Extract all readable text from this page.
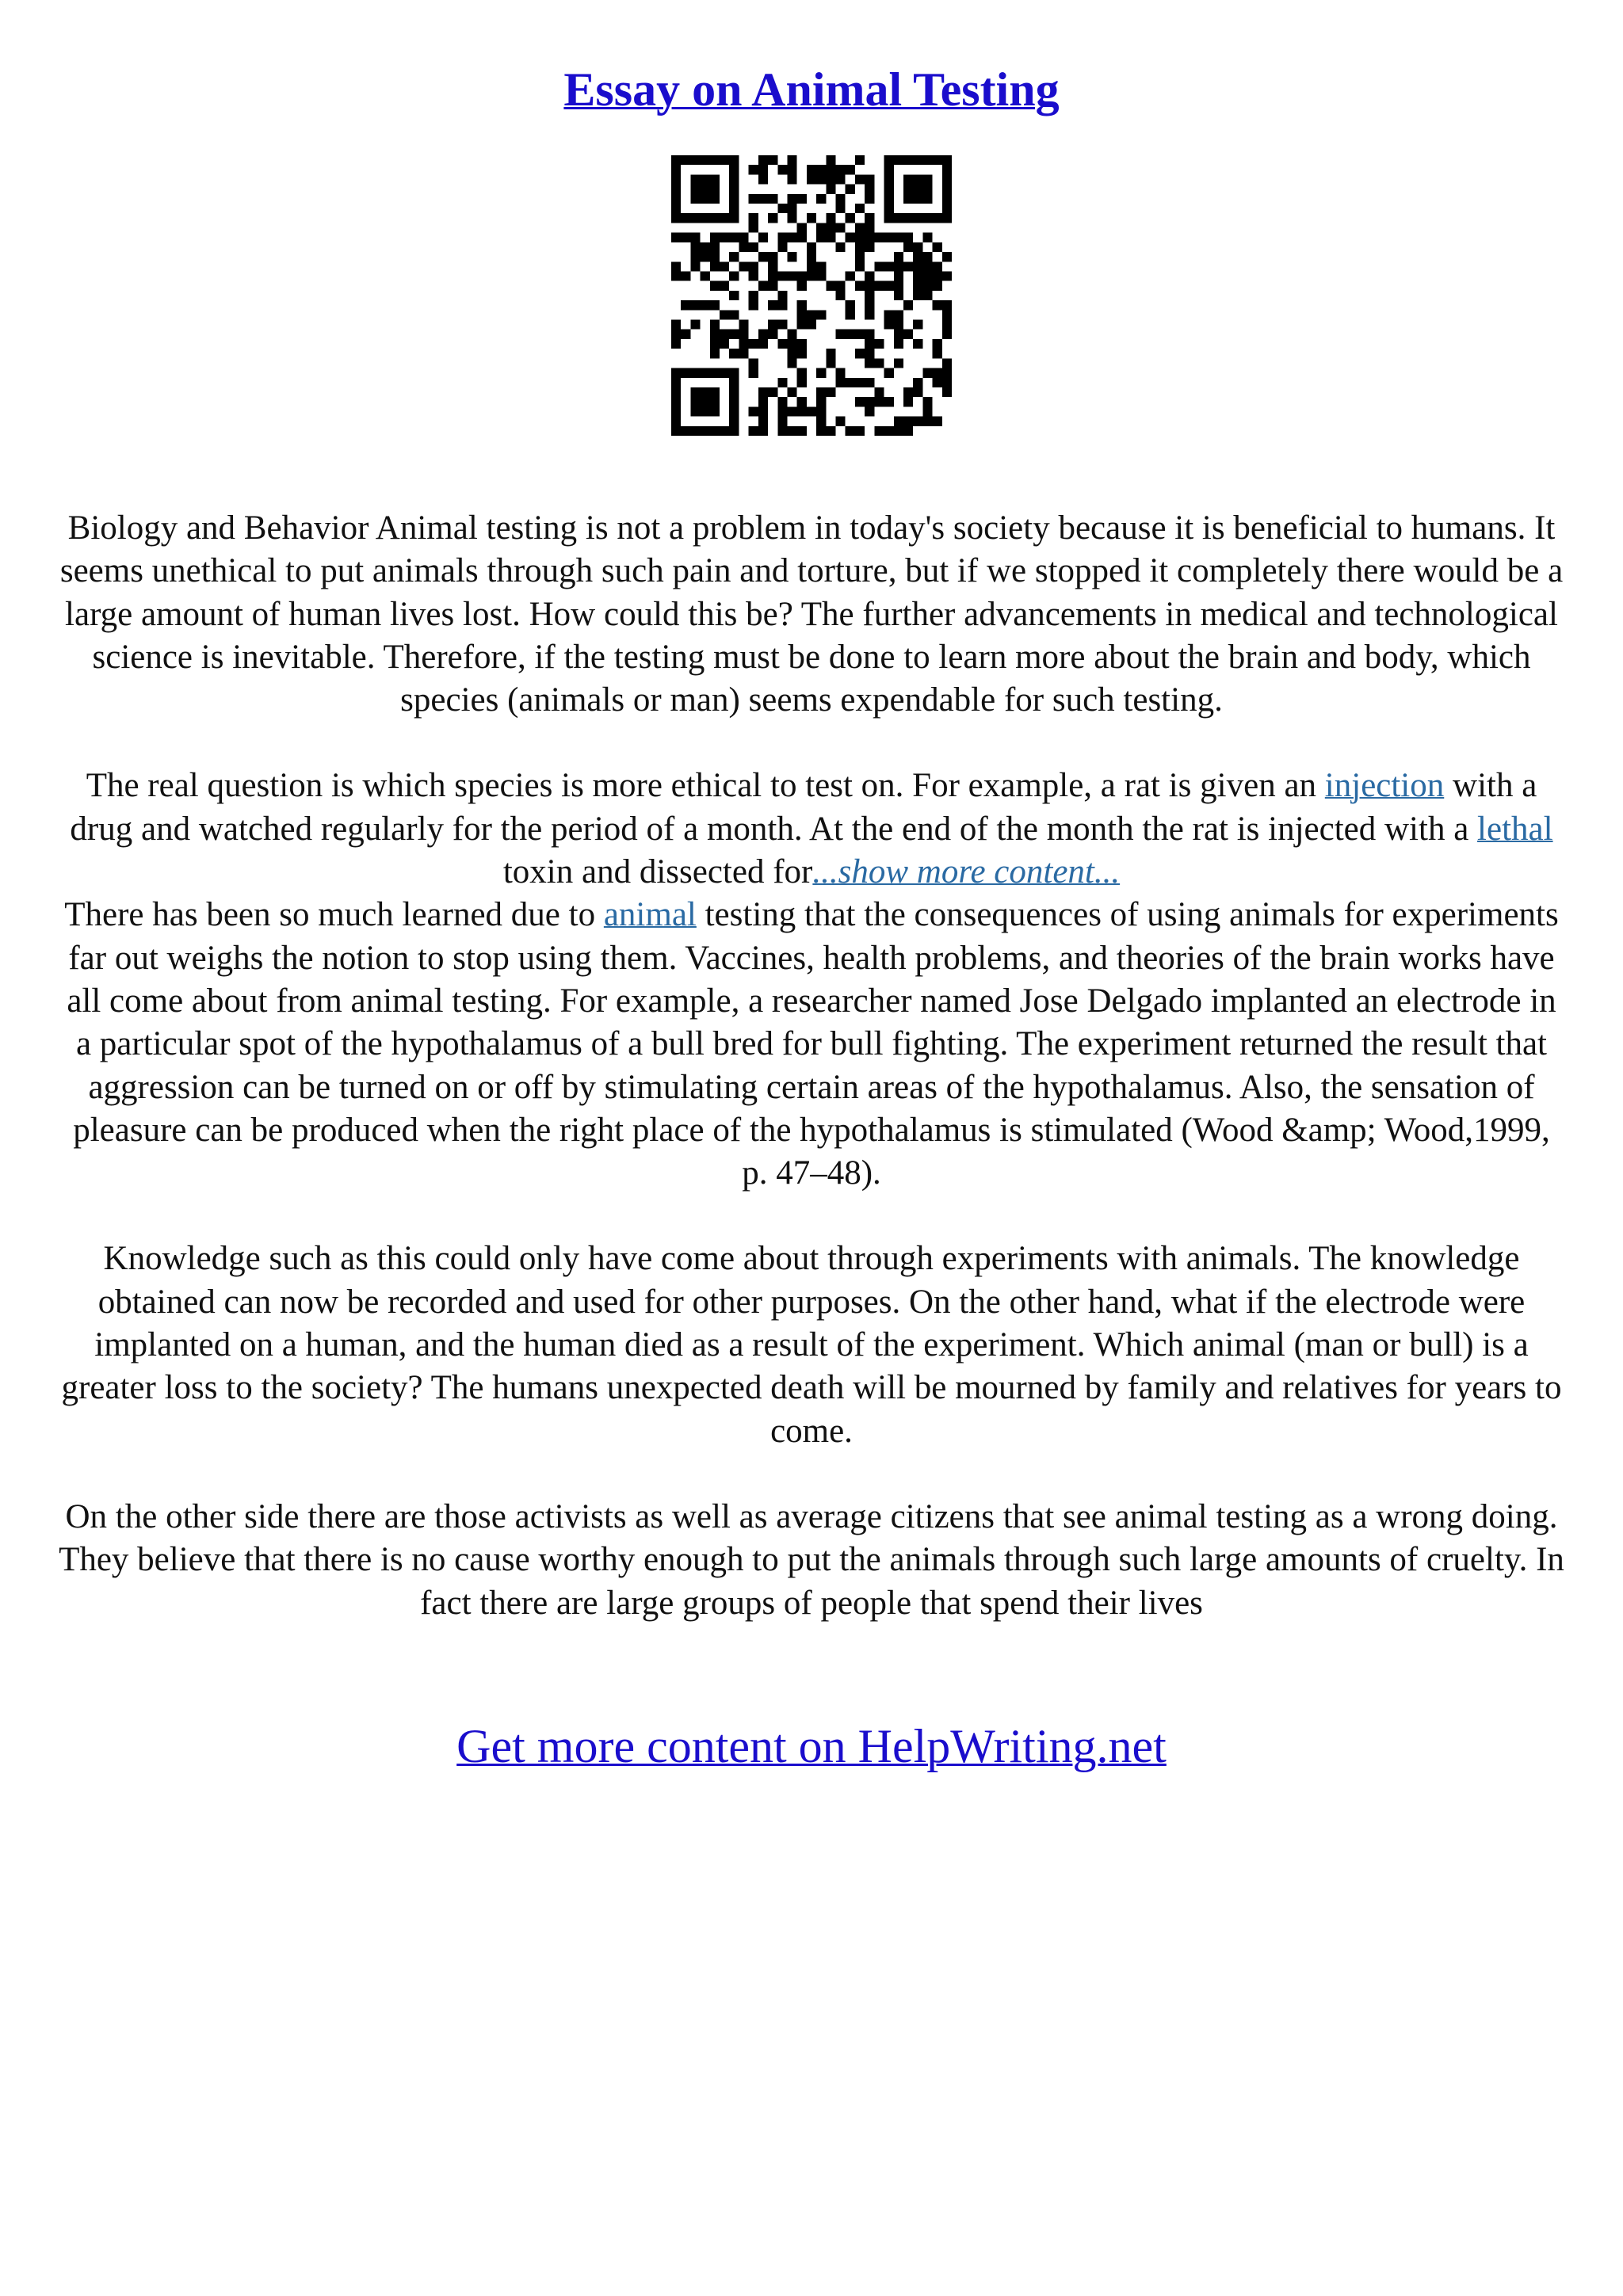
Essay on Animal Testing

Biology and Behavior Animal testing is not a problem in today's society because it is beneficial to humans. It seems unethical to put animals through such pain and torture, but if we stopped it completely there would be a large amount of human lives lost. How could this be? The further advancements in medical and technological science is inevitable. Therefore, if the testing must be done to learn more about the brain and body, which species (animals or man) seems expendable for such testing.

The real question is which species is more ethical to test on. For example, a rat is given an injection with a drug and watched regularly for the period of a month. At the end of the month the rat is injected with a lethal toxin and dissected for...show more content...

There has been so much learned due to animal testing that the consequences of using animals for experiments far out weighs the notion to stop using them. Vaccines, health problems, and theories of the brain works have all come about from animal testing. For example, a researcher named Jose Delgado implanted an electrode in a particular spot of the hypothalamus of a bull bred for bull fighting. The experiment returned the result that aggression can be turned on or off by stimulating certain areas of the hypothalamus. Also, the sensation of pleasure can be produced when the right place of the hypothalamus is stimulated (Wood &amp; Wood,1999, p. 47–48).

Knowledge such as this could only have come about through experiments with animals. The knowledge obtained can now be recorded and used for other purposes. On the other hand, what if the electrode were implanted on a human, and the human died as a result of the experiment. Which animal (man or bull) is a greater loss to the society? The humans unexpected death will be mourned by family and relatives for years to come.

On the other side there are those activists as well as average citizens that see animal testing as a wrong doing. They believe that there is no cause worthy enough to put the animals through such large amounts of cruelty. In fact there are large groups of people that spend their lives

Get more content on HelpWriting.net
